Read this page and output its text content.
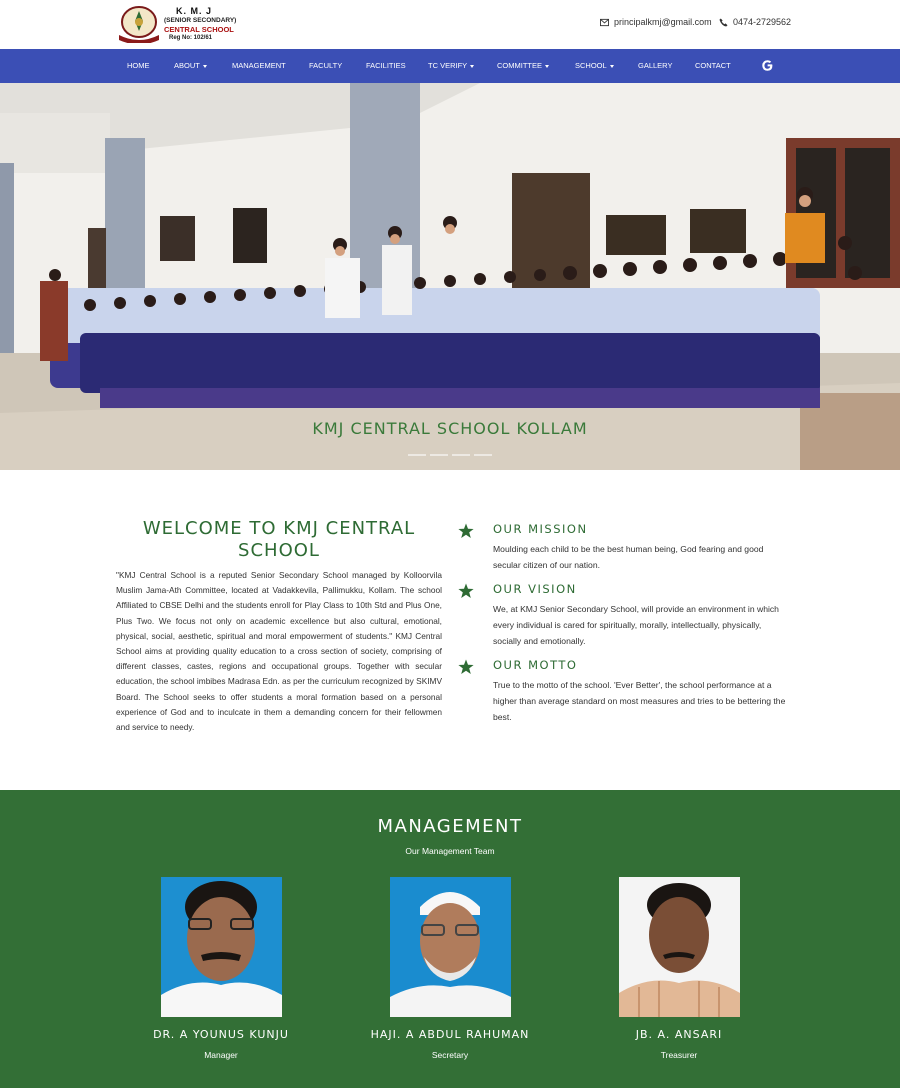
K. M. J
(SENIOR SECONDARY)
CENTRAL SCHOOL
Reg No: 102/61
principalkmj@gmail.com 0474-2729562
HOME	ABOUT	MANAGEMENT	FACULTY	FACILITIES	TC VERIFY	COMMITTEE	SCHOOL	GALLERY	CONTACT
KMJ CENTRAL SCHOOL KOLLAM
WELCOME TO KMJ CENTRAL SCHOOL
"KMJ Central School is a reputed Senior Secondary School managed by Kolloorvila Muslim Jama-Ath Committee, located at Vadakkevila, Pallimukku, Kollam. The school Affiliated to CBSE Delhi and the students enroll for Play Class to 10th Std and Plus One, Plus Two. We focus not only on academic excellence but also cultural, emotional, physical, social, aesthetic, spiritual and moral empowerment of students." KMJ Central School aims at providing quality education to a cross section of society, comprising of different classes, castes, regions and occupational groups. Together with secular education, the school imbibes Madrasa Edn. as per the curriculum recognized by SKIMV Board. The School seeks to offer students a moral formation based on a personal experience of God and to inculcate in them a demanding concern for their fellowmen and service to needy.
OUR MISSION

Moulding each child to be the best human being, God fearing and good secular citizen of our nation.

OUR VISION

We, at KMJ Senior Secondary School, will provide an environment in which every individual is cared for spiritually, morally, intellectually, physically, socially and emotionally.

OUR MOTTO

True to the motto of the school. 'Ever Better', the school performance at a higher than average standard on most measures and tries to be bettering the best.

MANAGEMENT
Our Management Team
DR. A YOUNUS KUNJU
Manager
HAJI. A ABDUL RAHUMAN
Secretary
JB. A. ANSARI
Treasurer
